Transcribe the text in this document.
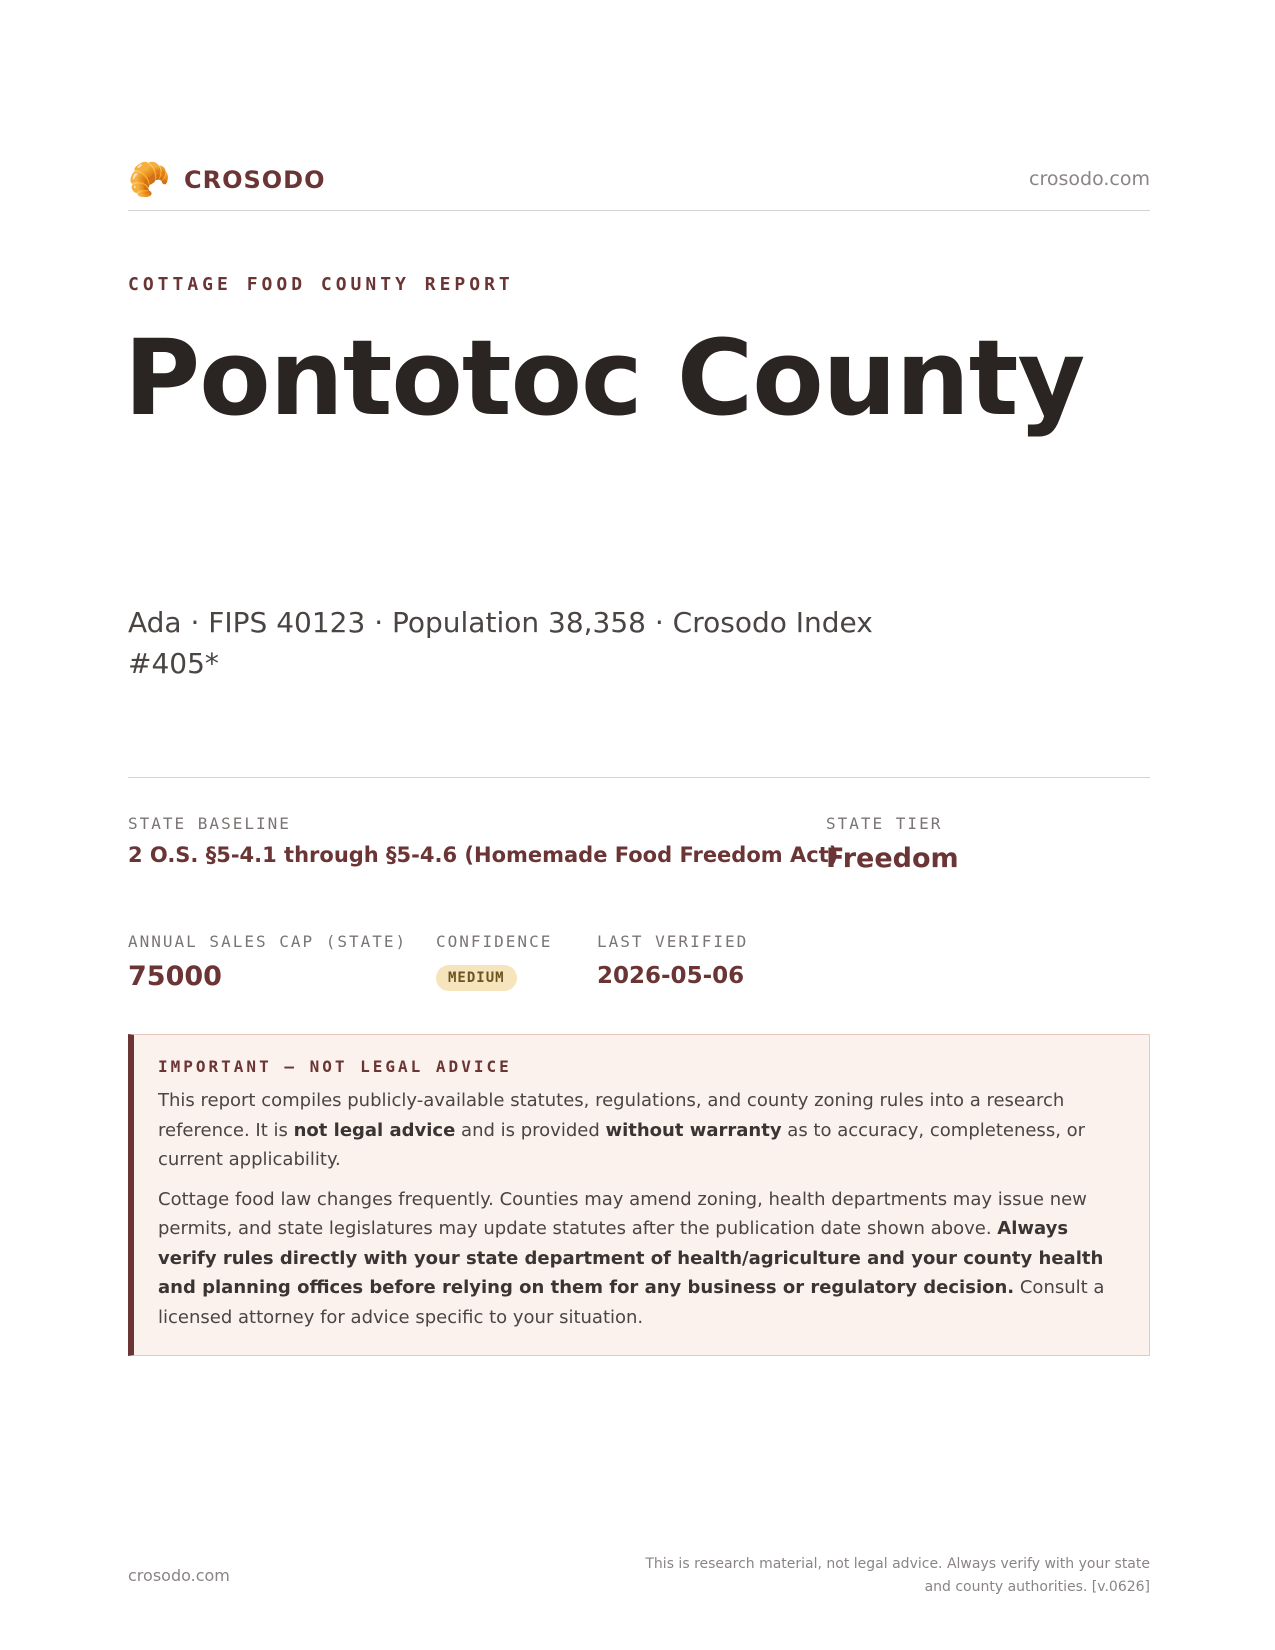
🥐 CROSODO	crosodo.com
COTTAGE FOOD COUNTY REPORT
Pontotoc County
Ada · FIPS 40123 · Population 38,358 · Crosodo Index #405*
STATE BASELINE
2 O.S. §5-4.1 through §5-4.6 (Homemade Food Freedom Act)
STATE TIER
Freedom
ANNUAL SALES CAP (STATE)
75000
CONFIDENCE
MEDIUM
LAST VERIFIED
2026-05-06
IMPORTANT — NOT LEGAL ADVICE

This report compiles publicly-available statutes, regulations, and county zoning rules into a research reference. It is not legal advice and is provided without warranty as to accuracy, completeness, or current applicability.

Cottage food law changes frequently. Counties may amend zoning, health departments may issue new permits, and state legislatures may update statutes after the publication date shown above. Always verify rules directly with your state department of health/agriculture and your county health and planning offices before relying on them for any business or regulatory decision. Consult a licensed attorney for advice specific to your situation.

crosodo.com
This is research material, not legal advice. Always verify with your state
and county authorities. [v.0626]
